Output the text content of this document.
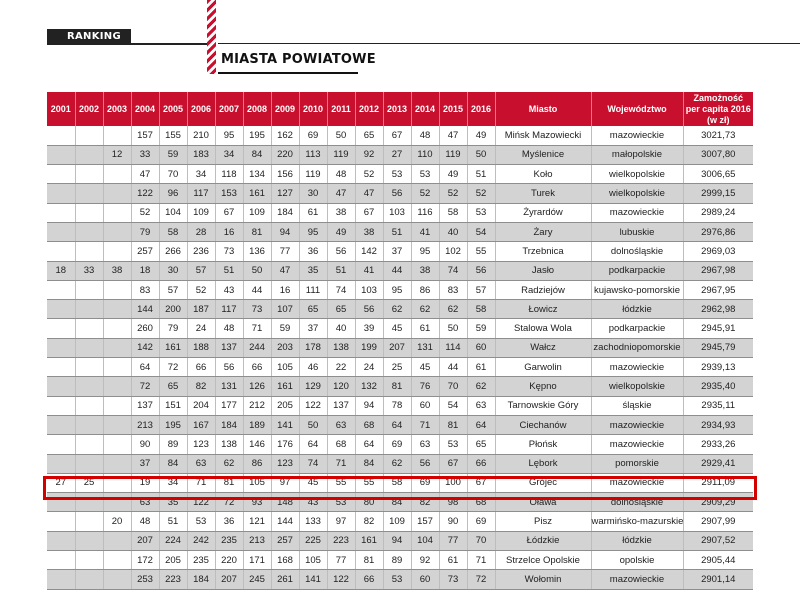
RANKING
MIASTA POWIATOWE
2001	2002	2003	2004	2005	2006	2007	2008	2009	2010	2011	2012	2013	2014	2015	2016	Miasto	Województwo	Zamożność per capita 2016 (w zł)
			157	155	210	95	195	162	69	50	65	67	48	47	49	Mińsk Mazowiecki	mazowieckie	3021,73
		12	33	59	183	34	84	220	113	119	92	27	110	119	50	Myślenice	małopolskie	3007,80
			47	70	34	118	134	156	119	48	52	53	53	49	51	Koło	wielkopolskie	3006,65
			122	96	117	153	161	127	30	47	47	56	52	52	52	Turek	wielkopolskie	2999,15
			52	104	109	67	109	184	61	38	67	103	116	58	53	Żyrardów	mazowieckie	2989,24
			79	58	28	16	81	94	95	49	38	51	41	40	54	Żary	lubuskie	2976,86
			257	266	236	73	136	77	36	56	142	37	95	102	55	Trzebnica	dolnośląskie	2969,03
18	33	38	18	30	57	51	50	47	35	51	41	44	38	74	56	Jasło	podkarpackie	2967,98
			83	57	52	43	44	16	111	74	103	95	86	83	57	Radziejów	kujawsko-pomorskie	2967,95
			144	200	187	117	73	107	65	65	56	62	62	62	58	Łowicz	łódzkie	2962,98
			260	79	24	48	71	59	37	40	39	45	61	50	59	Stalowa Wola	podkarpackie	2945,91
			142	161	188	137	244	203	178	138	199	207	131	114	60	Wałcz	zachodniopomorskie	2945,79
			64	72	66	56	66	105	46	22	24	25	45	44	61	Garwolin	mazowieckie	2939,13
			72	65	82	131	126	161	129	120	132	81	76	70	62	Kępno	wielkopolskie	2935,40
			137	151	204	177	212	205	122	137	94	78	60	54	63	Tarnowskie Góry	śląskie	2935,11
			213	195	167	184	189	141	50	63	68	64	71	81	64	Ciechanów	mazowieckie	2934,93
			90	89	123	138	146	176	64	68	64	69	63	53	65	Płońsk	mazowieckie	2933,26
			37	84	63	62	86	123	74	71	84	62	56	67	66	Lębork	pomorskie	2929,41
27	25		19	34	71	81	105	97	45	55	55	58	69	100	67	Grójec	mazowieckie	2911,09
			63	35	122	72	93	148	43	53	80	84	82	98	68	Oława	dolnośląskie	2909,29
		20	48	51	53	36	121	144	133	97	82	109	157	90	69	Pisz	warmińsko-mazurskie	2907,99
			207	224	242	235	213	257	225	223	161	94	104	77	70	Łódzkie	łódzkie	2907,52
			172	205	235	220	171	168	105	77	81	89	92	61	71	Strzelce Opolskie	opolskie	2905,44
			253	223	184	207	245	261	141	122	66	53	60	73	72	Wołomin	mazowieckie	2901,14
